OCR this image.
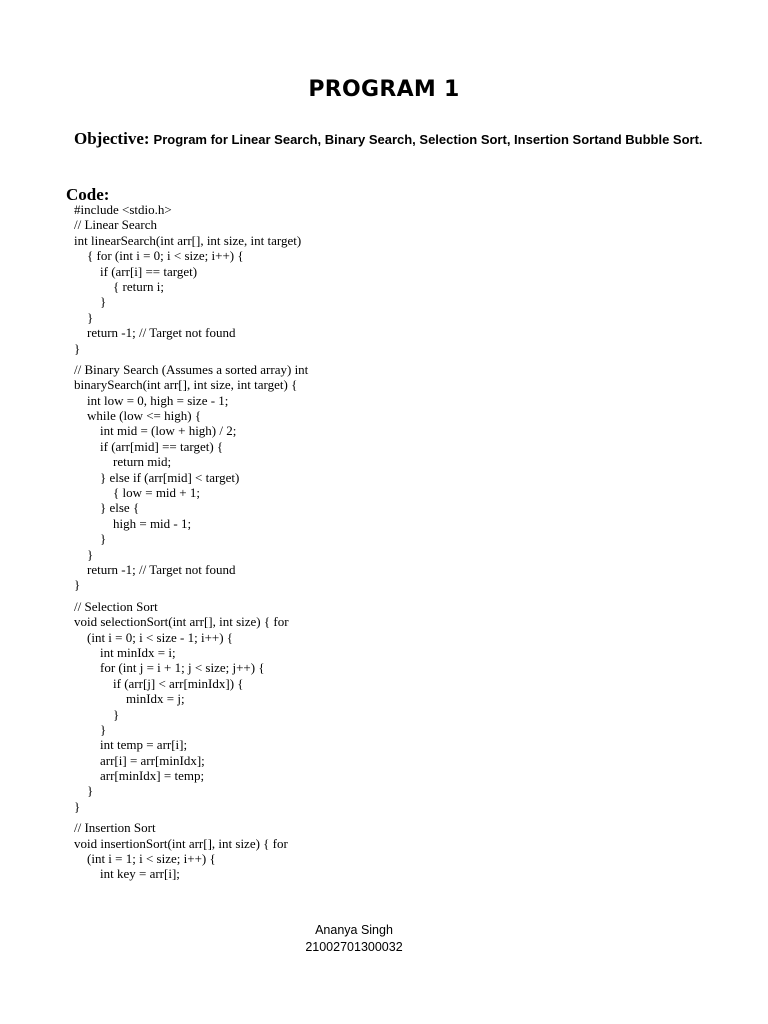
PROGRAM 1
Objective: Program for Linear Search, Binary Search, Selection Sort, Insertion Sortand Bubble Sort.
Code:
#include <stdio.h>
// Linear Search
int linearSearch(int arr[], int size, int target)
{ for (int i = 0; i < size; i++) {
if (arr[i] == target)
{ return i;
}
}
return -1; // Target not found
}
// Binary Search (Assumes a sorted array) int
binarySearch(int arr[], int size, int target) {
int low = 0, high = size - 1;
while (low <= high) {
int mid = (low + high) / 2;
if (arr[mid] == target) {
return mid;
} else if (arr[mid] < target)
{ low = mid + 1;
} else {
high = mid - 1;
}
}
return -1; // Target not found
}
// Selection Sort
void selectionSort(int arr[], int size) { for
(int i = 0; i < size - 1; i++) {
int minIdx = i;
for (int j = i + 1; j < size; j++) {
if (arr[j] < arr[minIdx]) {
minIdx = j;
}
}
int temp = arr[i];
arr[i] = arr[minIdx];
arr[minIdx] = temp;
}
}
// Insertion Sort
void insertionSort(int arr[], int size) { for
(int i = 1; i < size; i++) {
int key = arr[i];
Ananya Singh
21002701300032
